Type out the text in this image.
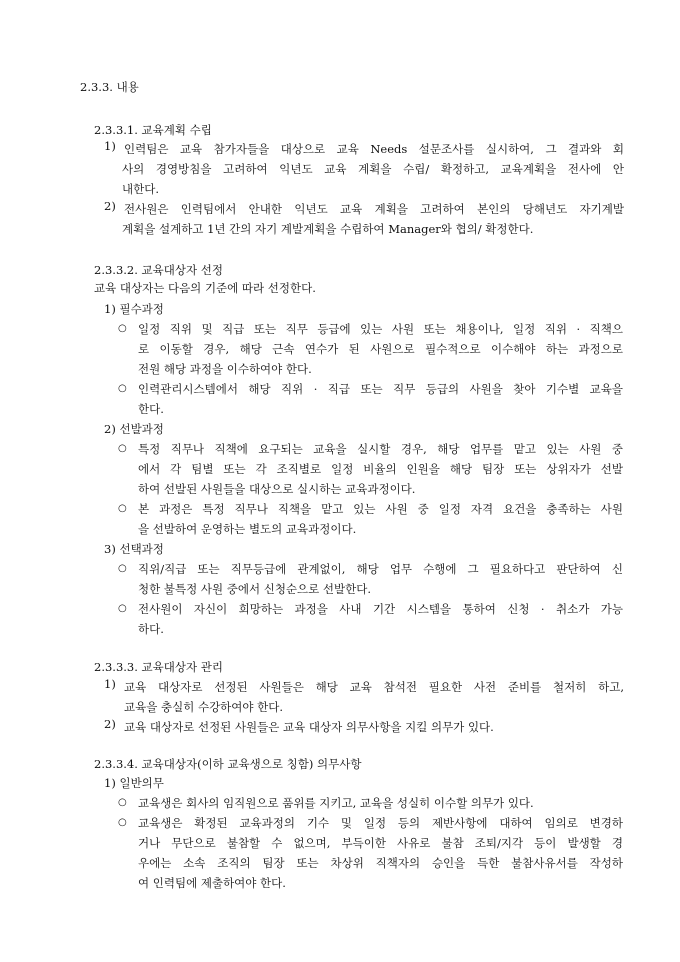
2.3.3. 내용
2.3.3.1. 교육계획 수립
1) 인력팀은 교육 참가자들을 대상으로 교육 Needs 설문조사를 실시하여, 그 결과와 회
사의 경영방침을 고려하여 익년도 교육 계획을 수립/ 확정하고, 교육계획을 전사에 안
내한다.
2) 전사원은 인력팀에서 안내한 익년도 교육 계획을 고려하여 본인의 당해년도 자기계발
계획을 설계하고 1년 간의 자기 계발계획을 수립하여 Manager와 협의/ 확정한다.
2.3.3.2. 교육대상자 선정
교육 대상자는 다음의 기준에 따라 선정한다.
1) 필수과정
○ 일정 직위 및 직급 또는 직무 등급에 있는 사원 또는 채용이나, 일정 직위 · 직책으
로 이동할 경우, 해당 근속 연수가 된 사원으로 필수적으로 이수해야 하는 과정으로
전원 해당 과정을 이수하여야 한다.
○ 인력관리시스템에서 해당 직위 · 직급 또는 직무 등급의 사원을 찾아 기수별 교육을
한다.
2) 선발과정
○ 특정 직무나 직책에 요구되는 교육을 실시할 경우, 해당 업무를 맡고 있는 사원 중
에서 각 팀별 또는 각 조직별로 일정 비율의 인원을 해당 팀장 또는 상위자가 선발
하여 선발된 사원들을 대상으로 실시하는 교육과정이다.
○ 본 과정은 특정 직무나 직책을 맡고 있는 사원 중 일정 자격 요건을 충족하는 사원
을 선발하여 운영하는 별도의 교육과정이다.
3) 선택과정
○ 직위/직급 또는 직무등급에 관계없이, 해당 업무 수행에 그 필요하다고 판단하여 신
청한 불특정 사원 중에서 신청순으로 선발한다.
○ 전사원이 자신이 희망하는 과정을 사내 기간 시스템을 통하여 신청 · 취소가 가능
하다.
2.3.3.3. 교육대상자 관리
1) 교육 대상자로 선정된 사원들은 해당 교육 참석전 필요한 사전 준비를 철저히 하고,
교육을 충실히 수강하여야 한다.
2) 교육 대상자로 선정된 사원들은 교육 대상자 의무사항을 지킬 의무가 있다.
2.3.3.4. 교육대상자(이하 교육생으로 칭함) 의무사항
1) 일반의무
○ 교육생은 회사의 임직원으로 품위를 지키고, 교육을 성실히 이수할 의무가 있다.
○ 교육생은 확정된 교육과정의 기수 및 일정 등의 제반사항에 대하여 임의로 변경하
거나 무단으로 불참할 수 없으며, 부득이한 사유로 불참 조퇴/지각 등이 발생할 경
우에는 소속 조직의 팀장 또는 차상위 직책자의 승인을 득한 불참사유서를 작성하
여 인력팀에 제출하여야 한다.
